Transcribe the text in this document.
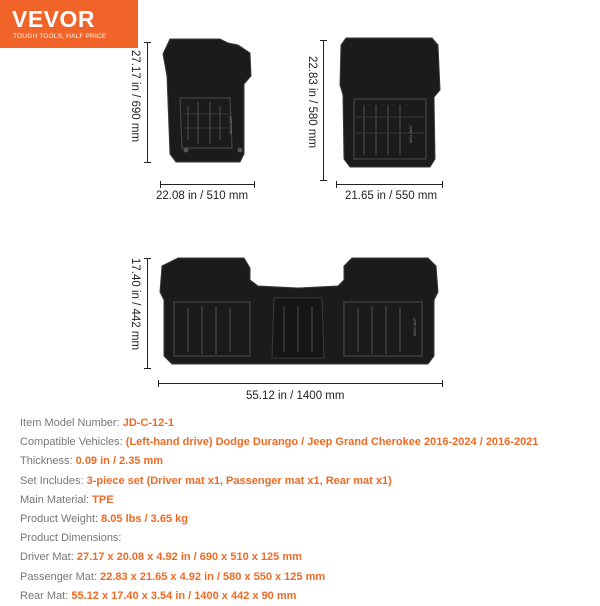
VEVOR
TOUGH TOOLS, HALF PRICE
MAX-MAT	MAX-MAT
MAX-MAT
27.17 in / 690 mm
22.08 in / 510 mm
22.83 in / 580 mm
21.65 in / 550 mm
17.40 in / 442 mm
55.12 in / 1400 mm
Item Model Number: JD-C-12-1
Compatible Vehicles: (Left-hand drive) Dodge Durango / Jeep Grand Cherokee 2016-2024 / 2016-2021
Thickness: 0.09 in / 2.35 mm
Set Includes: 3-piece set (Driver mat x1, Passenger mat x1, Rear mat x1)
Main Material: TPE
Product Weight: 8.05 lbs / 3.65 kg
Product Dimensions:
Driver Mat: 27.17 x 20.08 x 4.92 in / 690 x 510 x 125 mm
Passenger Mat: 22.83 x 21.65 x 4.92 in / 580 x 550 x 125 mm
Rear Mat: 55.12 x 17.40 x 3.54 in / 1400 x 442 x 90 mm
